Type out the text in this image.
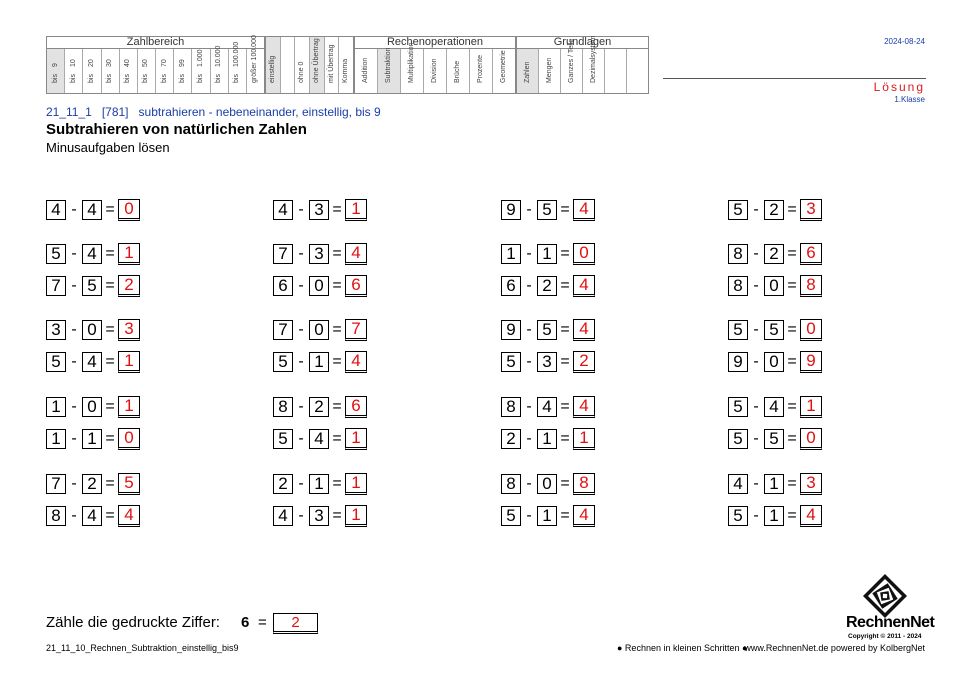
Zahlbereich
9
bis
10
bis
20
bis
30
bis
40
bis
50
bis
70
bis
99
bis
1.000
bis
10.000
bis
100.000
bis größer 100.000 einstellig	ohne 0 ohne Übertrag mit Übertrag Komma
Rechenoperationen
Addition Subtraktion Multiplikation Division Brüche Prozente Geometrie
Grundlagen
Zahlen Mengen Ganzes / Teile Dezimalsystem	2024-08-24
Lösung
1.Klasse
21_11_1   [781]   subtrahieren - nebeneinander, einstellig, bis 9
Subtrahieren von natürlichen Zahlen
Minusaufgaben lösen
4 - 4 = 0	4 - 3 = 1	9 - 5 = 4	5 - 2 = 3
5 - 4 = 1	7 - 3 = 4	1 - 1 = 0	8 - 2 = 6
7 - 5 = 2	6 - 0 = 6	6 - 2 = 4	8 - 0 = 8
3 - 0 = 3	7 - 0 = 7	9 - 5 = 4	5 - 5 = 0
5 - 4 = 1	5 - 1 = 4	5 - 3 = 2	9 - 0 = 9
1 - 0 = 1	8 - 2 = 6	8 - 4 = 4	5 - 4 = 1
1 - 1 = 0	5 - 4 = 1	2 - 1 = 1	5 - 5 = 0
7 - 2 = 5	2 - 1 = 1	8 - 0 = 8	4 - 1 = 3
8 - 4 = 4	4 - 3 = 1	5 - 1 = 4	5 - 1 = 4
Zähle die gedruckte Ziffer: 6 =	2	RechnenNet
Copyright © 2011 - 2024
21_11_10_Rechnen_Subtraktion_einstellig_bis9	● Rechnen in kleinen Schritten ●
www.RechnenNet.de powered by KolbergNet
